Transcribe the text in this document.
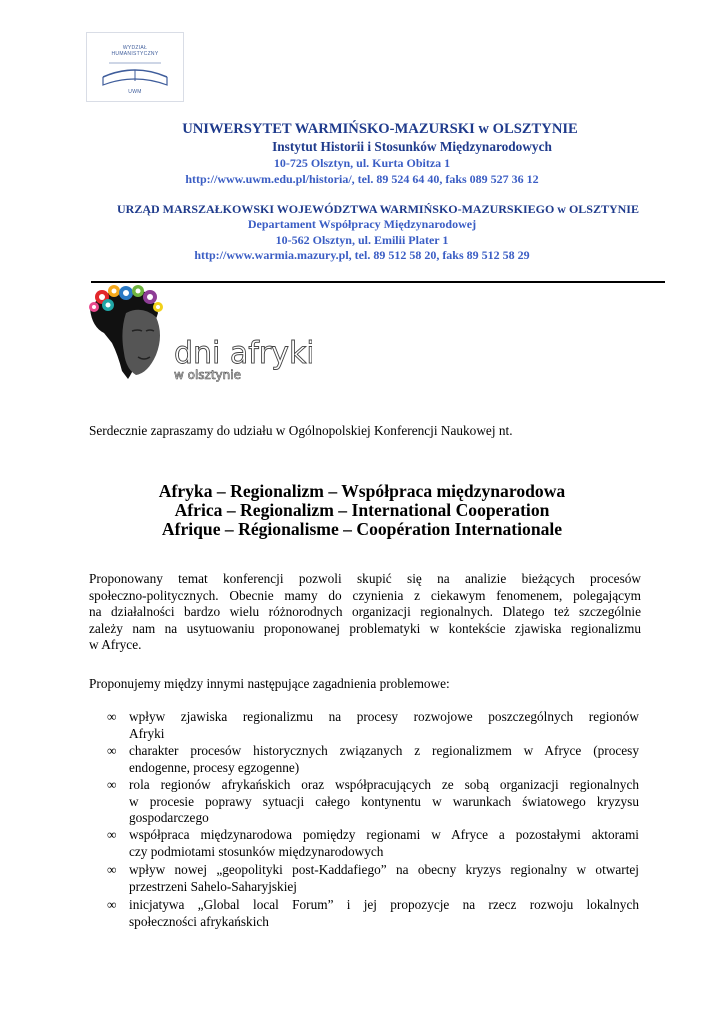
WYDZIAŁ
HUMANISTYCZNY
UWM
UNIWERSYTET WARMIŃSKO-MAZURSKI w OLSZTYNIE
Instytut Historii i Stosunków Międzynarodowych
10-725 Olsztyn, ul. Kurta Obitza 1
http://www.uwm.edu.pl/historia/, tel. 89 524 64 40, faks 089 527 36 12
URZĄD MARSZAŁKOWSKI WOJEWÓDZTWA WARMIŃSKO-MAZURSKIEGO w OLSZTYNIE
Departament Współpracy Międzynarodowej
10-562 Olsztyn, ul. Emilii Plater 1
http://www.warmia.mazury.pl, tel. 89 512 58 20, faks 89 512 58 29
dni afryki
w olsztynie
Serdecznie zapraszamy do udziału w Ogólnopolskiej Konferencji Naukowej nt.
Afryka – Regionalizm – Współpraca międzynarodowa
Africa – Regionalizm – International Cooperation
Afrique – Régionalisme – Coopération Internationale
Proponowany temat konferencji pozwoli skupić się na analizie bieżących procesów
społeczno-politycznych. Obecnie mamy do czynienia z ciekawym fenomenem, polegającym
na działalności bardzo wielu różnorodnych organizacji regionalnych. Dlatego też szczególnie
zależy nam na usytuowaniu proponowanej problematyki w kontekście zjawiska regionalizmu
w Afryce.
Proponujemy między innymi następujące zagadnienia problemowe:
∞ wpływ zjawiska regionalizmu na procesy rozwojowe poszczególnych regionów
Afryki
∞ charakter procesów historycznych związanych z regionalizmem w Afryce (procesy
endogenne, procesy egzogenne)
∞ rola regionów afrykańskich oraz współpracujących ze sobą organizacji regionalnych
w procesie poprawy sytuacji całego kontynentu w warunkach światowego kryzysu
gospodarczego
∞ współpraca międzynarodowa pomiędzy regionami w Afryce a pozostałymi aktorami
czy podmiotami stosunków międzynarodowych
∞ wpływ nowej „geopolityki post-Kaddafiego” na obecny kryzys regionalny w otwartej
przestrzeni Sahelo-Saharyjskiej
∞ inicjatywa „Global local Forum” i jej propozycje na rzecz rozwoju lokalnych
społeczności afrykańskich
